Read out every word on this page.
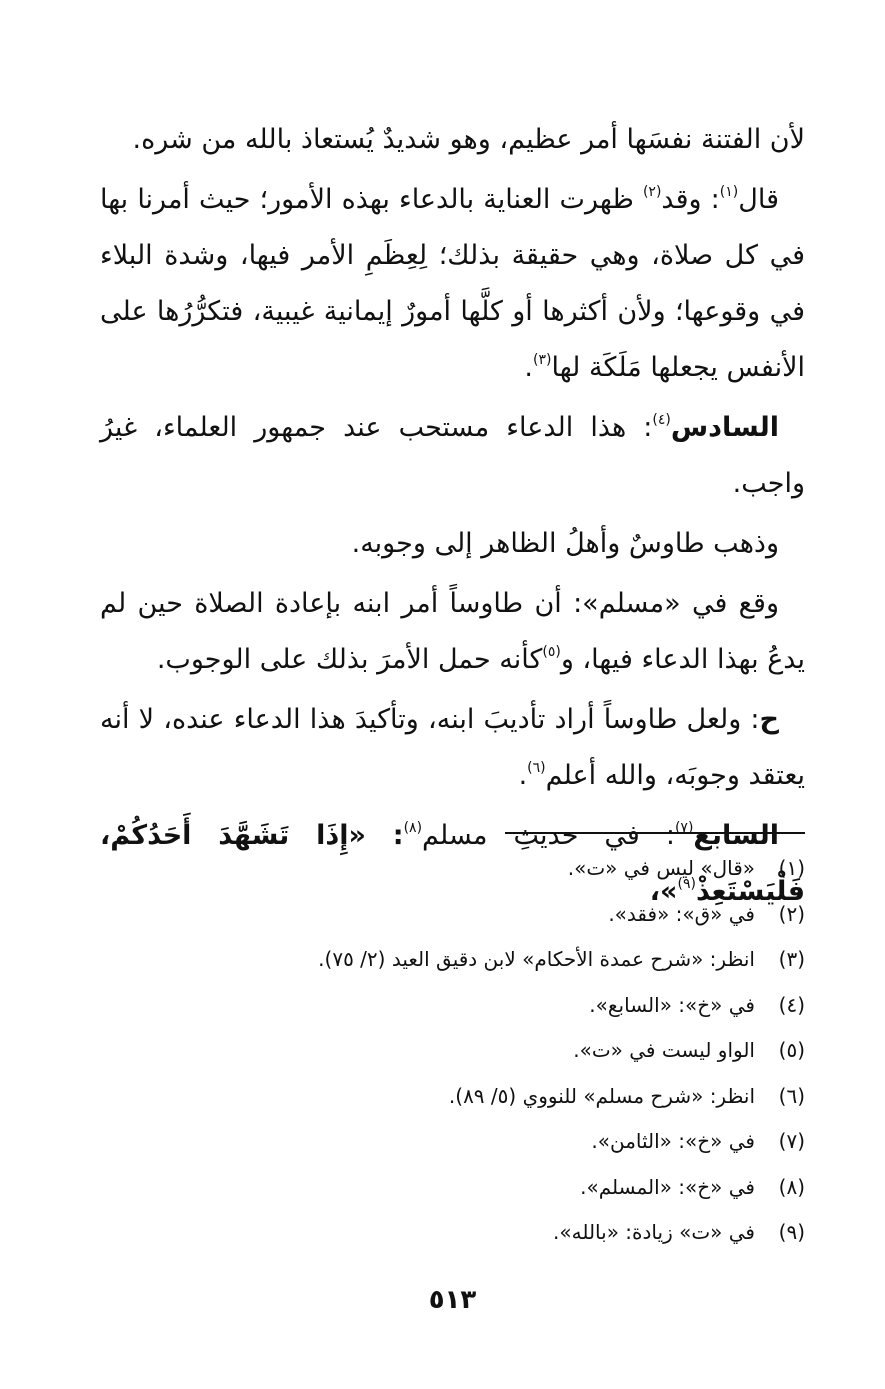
لأن الفتنة نفسَها أمر عظيم، وهو شديدٌ يُستعاذ بالله من شره.

قال$^{(١)}$: وقد$^{(٢)}$ ظهرت العناية بالدعاء بهذه الأمور؛ حيث أمرنا بها في كل صلاة، وهي حقيقة بذلك؛ لِعِظَمِ الأمر فيها، وشدة البلاء في وقوعها؛ ولأن أكثرها أو كلَّها أمورٌ إيمانية غيبية، فتكرُّرُها على الأنفس يجعلها مَلَكَة لها$^{(٣)}$.

السادس$^{(٤)}$: هذا الدعاء مستحب عند جمهور العلماء، غيرُ واجب.

وذهب طاوسٌ وأهلُ الظاهر إلى وجوبه.

وقع في «مسلم»: أن طاوساً أمر ابنه بإعادة الصلاة حين لم يدعُ بهذا الدعاء فيها، و$^{(٥)}$كأنه حمل الأمرَ بذلك على الوجوب.

ح: ولعل طاوساً أراد تأديبَ ابنه، وتأكيدَ هذا الدعاء عنده، لا أنه يعتقد وجوبَه، والله أعلم$^{(٦)}$.

السابع$^{(٧)}$: في حديثِ مسلم$^{(٨)}$: «إِذَا تَشَهَّدَ أَحَدُكُمْ، فَلْيَسْتَعِذْ$^{(٩)}$»،

(١)
«قال» ليس في «ت».
(٢)
في «ق»: «فقد».
(٣)
انظر: «شرح عمدة الأحكام» لابن دقيق العيد (٢/ ٧٥).
(٤)
في «خ»: «السابع».
(٥)
الواو ليست في «ت».
(٦)
انظر: «شرح مسلم» للنووي (٥/ ٨٩).
(٧)
في «خ»: «الثامن».
(٨)
في «خ»: «المسلم».
(٩)
في «ت» زيادة: «بالله».
٥١٣
